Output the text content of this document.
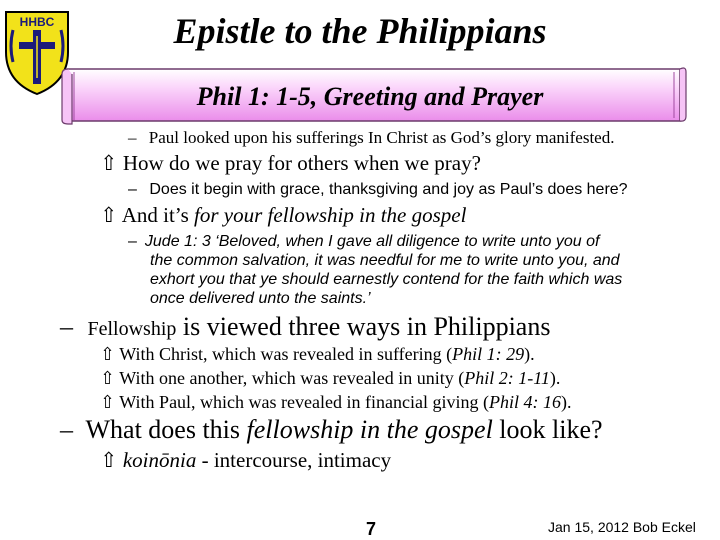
Epistle to the Philippians
HHBC
Phil 1: 1-5, Greeting and Prayer
– Paul looked upon his sufferings In Christ as God’s glory manifested.
⇧ How do we pray for others when we pray?
– Does it begin with grace, thanksgiving and joy as Paul’s does here?
⇧ And it’s for your fellowship in the gospel
– Jude 1: 3 ‘Beloved, when I gave all diligence to write unto you of
the common salvation, it was needful for me to write unto you, and
exhort you that ye should earnestly contend for the faith which was
once delivered unto the saints.’
– Fellowship is viewed three ways in Philippians
⇧ With Christ, which was revealed in suffering (Phil 1: 29).
⇧ With one another, which was revealed in unity (Phil 2: 1-11).
⇧ With Paul, which was revealed in financial giving (Phil 4: 16).
– What does this fellowship in the gospel look like?
⇧ koinōnia - intercourse, intimacy
7	Jan 15, 2012 Bob Eckel
